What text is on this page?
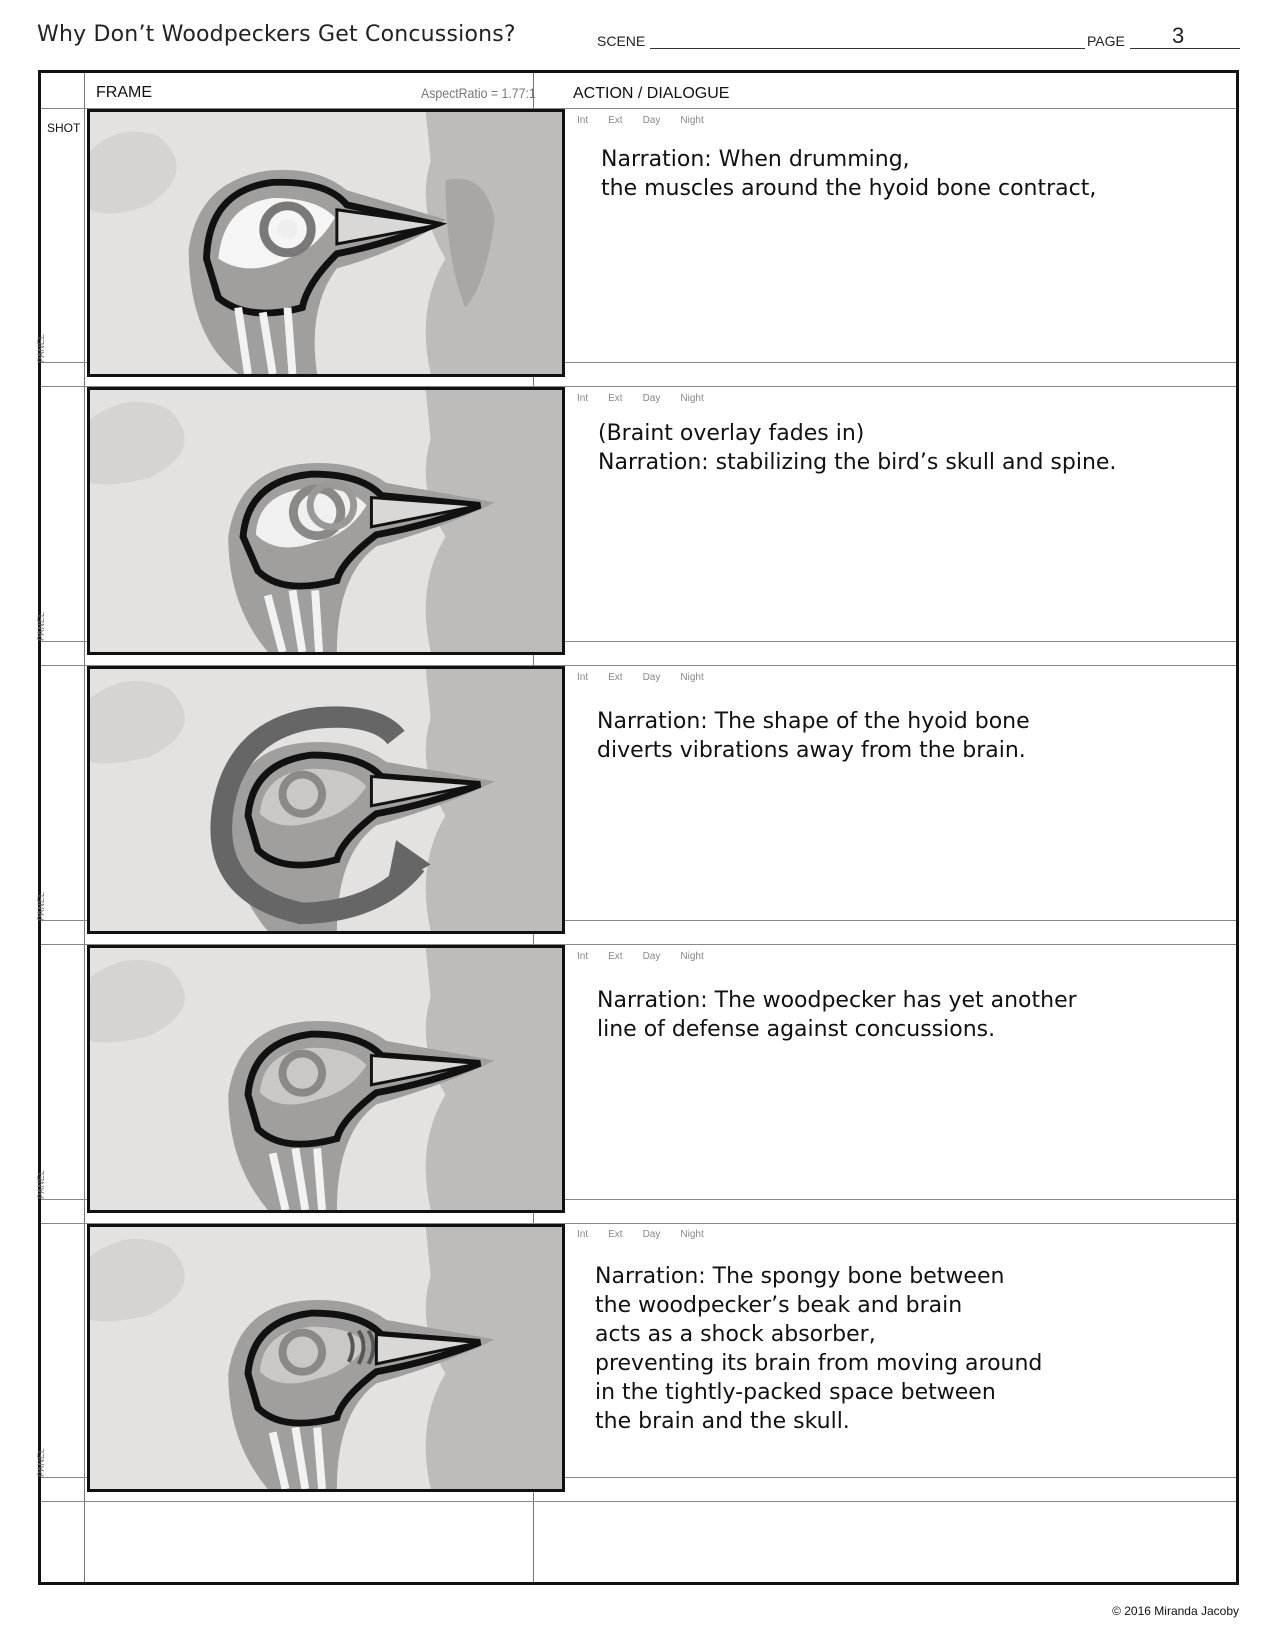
Why Don’t Woodpeckers Get Concussions?	SCENE	PAGE 3
FRAME	AspectRatio = 1.77:1 ACTION / DIALOGUE
SHOT
PANEL
Int Ext Day Night
Narration: When drumming,
the muscles around the hyoid bone contract,
PANEL
Int Ext Day Night
(Braint overlay fades in)
Narration: stabilizing the bird’s skull and spine.
PANEL
Int Ext Day Night
Narration: The shape of the hyoid bone
diverts vibrations away from the brain.
PANEL
Int Ext Day Night
Narration: The woodpecker has yet another
line of defense against concussions.
PANEL
Int Ext Day Night
Narration: The spongy bone between
the woodpecker’s beak and brain
acts as a shock absorber,
preventing its brain from moving around
in the tightly-packed space between
the brain and the skull.
© 2016 Miranda Jacoby
